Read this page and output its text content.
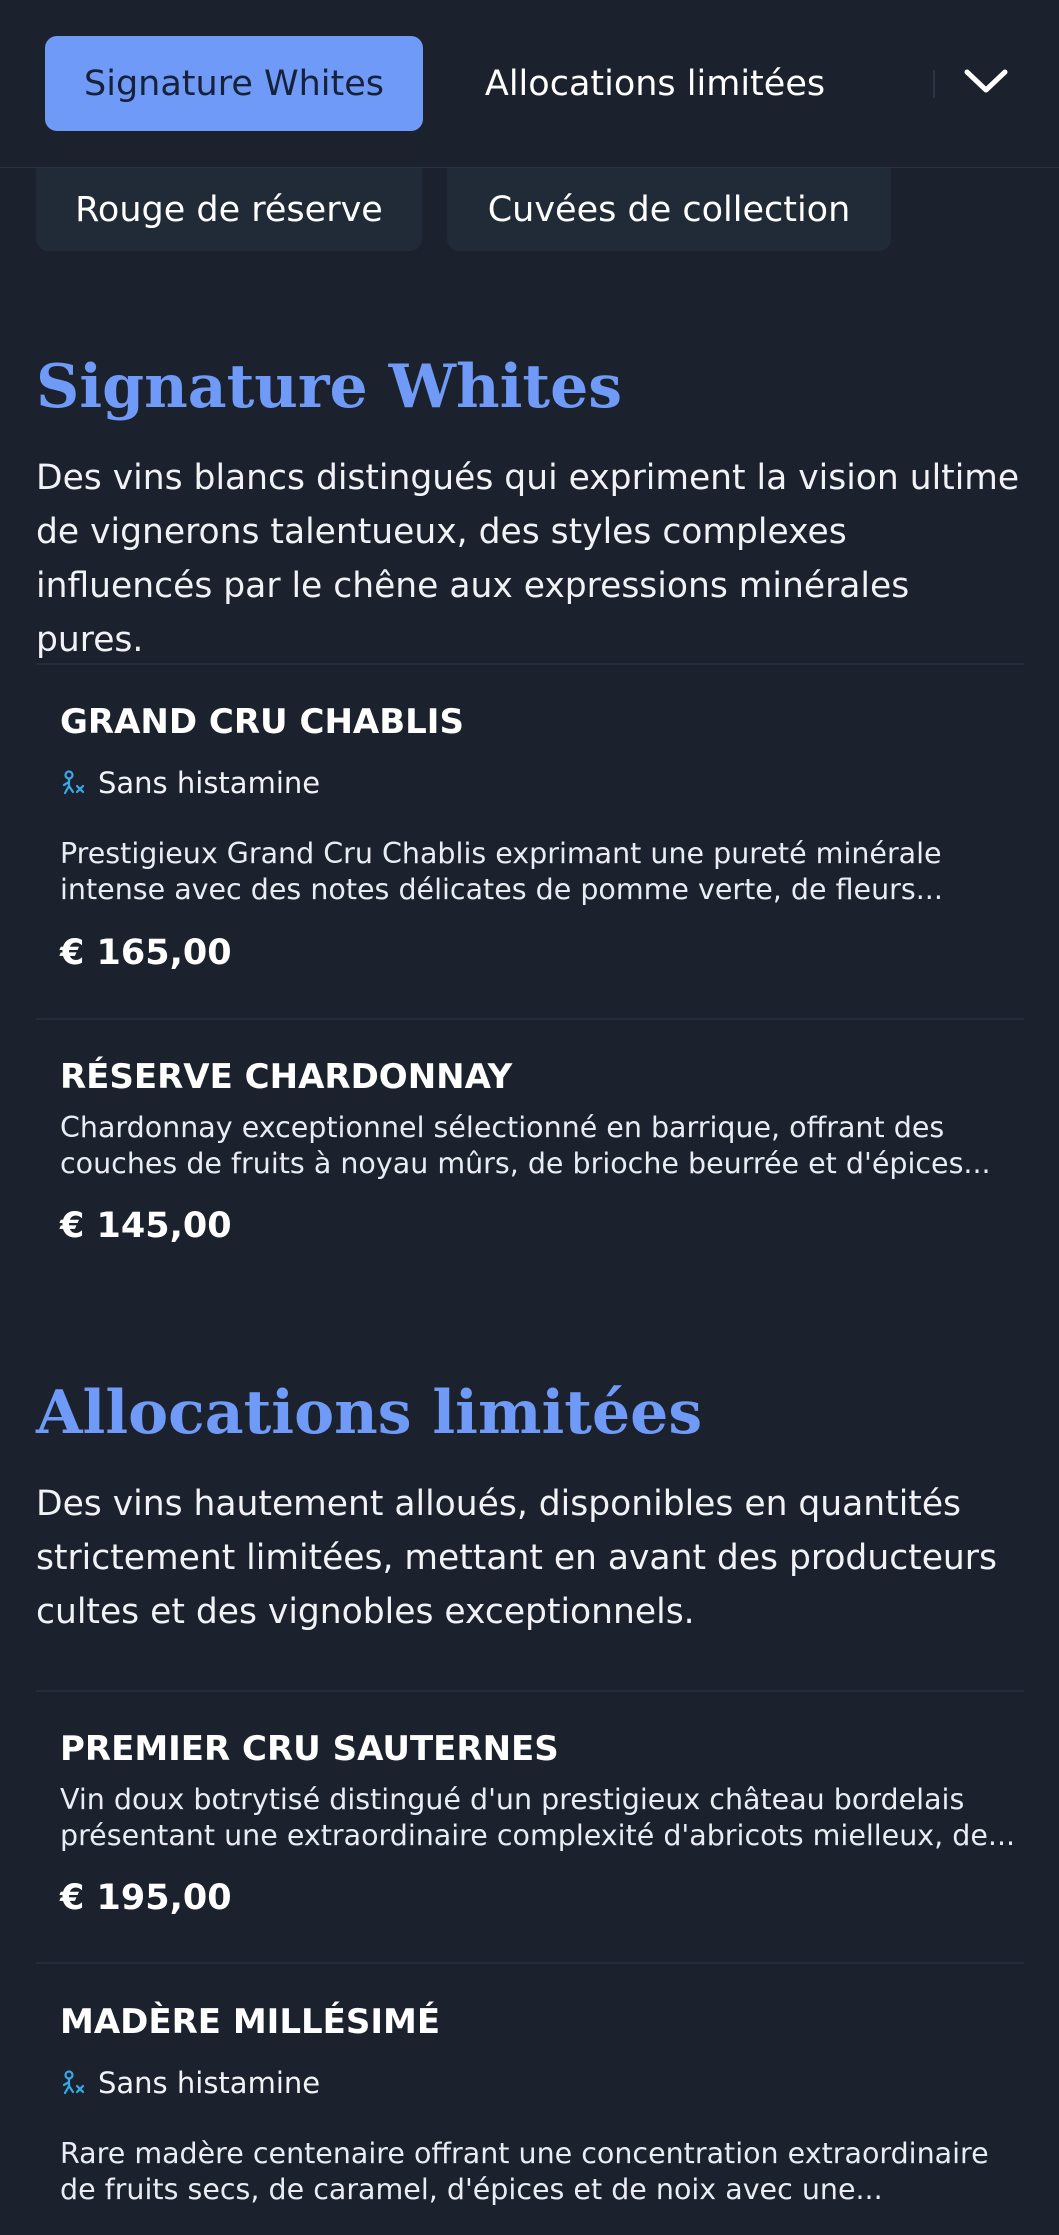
Signature Whites	Allocations limitées
Rouge de réserve	Cuvées de collection
Signature Whites
Des vins blancs distingués qui expriment la vision ultime de vignerons talentueux, des styles complexes influencés par le chêne aux expressions minérales pures.
GRAND CRU CHABLIS
Sans histamine
Prestigieux Grand Cru Chablis exprimant une pureté minérale intense avec des notes délicates de pomme verte, de fleurs...
€ 165,00
RÉSERVE CHARDONNAY
Chardonnay exceptionnel sélectionné en barrique, offrant des couches de fruits à noyau mûrs, de brioche beurrée et d'épices...
€ 145,00
Allocations limitées
Des vins hautement alloués, disponibles en quantités strictement limitées, mettant en avant des producteurs cultes et des vignobles exceptionnels.
PREMIER CRU SAUTERNES
Vin doux botrytisé distingué d'un prestigieux château bordelais présentant une extraordinaire complexité d'abricots mielleux, de...
€ 195,00
MADÈRE MILLÉSIMÉ
Sans histamine
Rare madère centenaire offrant une concentration extraordinaire de fruits secs, de caramel, d'épices et de noix avec une...
